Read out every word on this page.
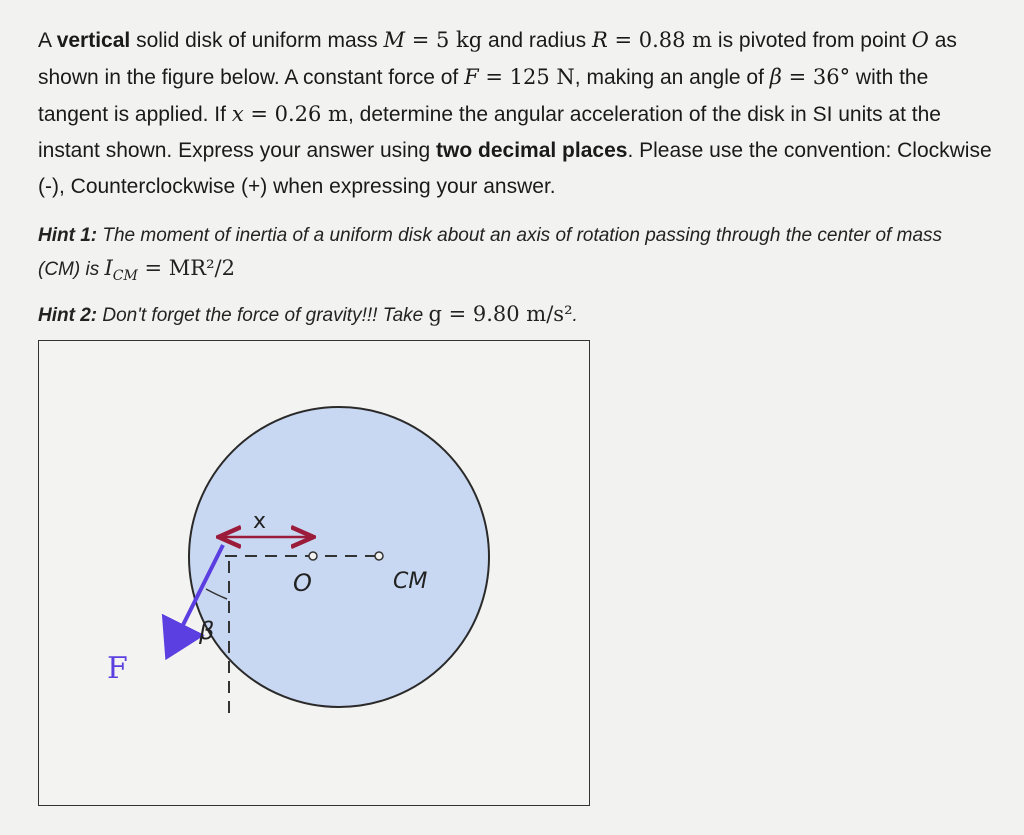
A vertical solid disk of uniform mass M = 5 kg and radius R = 0.88 m is pivoted from point O as shown in the figure below. A constant force of F = 125 N, making an angle of β = 36° with the tangent is applied. If x = 0.26 m, determine the angular acceleration of the disk in SI units at the instant shown. Express your answer using two decimal places. Please use the convention: Clockwise (-), Counterclockwise (+) when expressing your answer.

Hint 1: The moment of inertia of a uniform disk about an axis of rotation passing through the center of mass (CM) is $I_{CM} = MR^2/2$
Hint 2: Don't forget the force of gravity!!! Take g = 9.80 m/s².
x
O	CM
β
F
